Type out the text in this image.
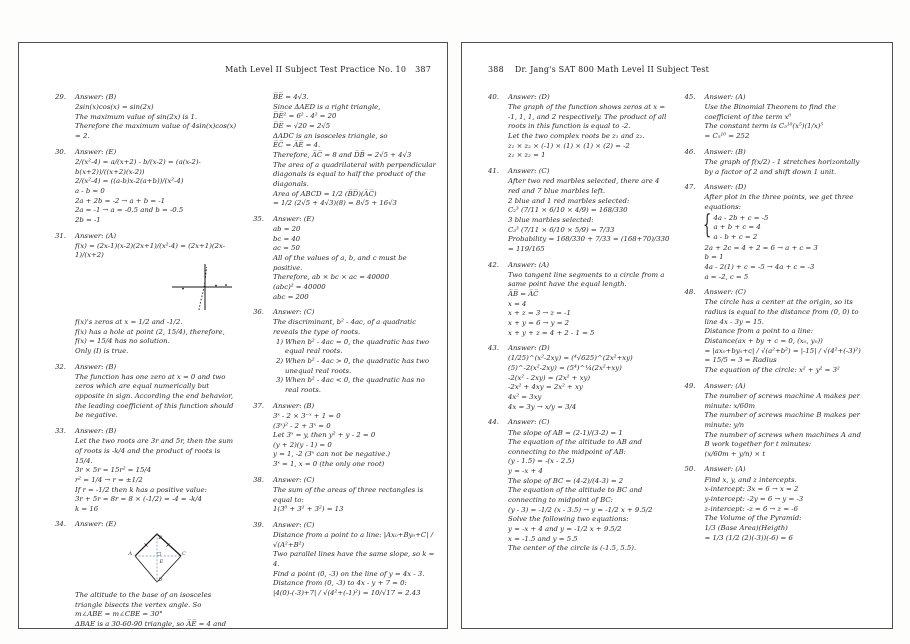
Math Level II Subject Test Practice No. 10 387
29.	Answer: (B)
2sin(x)cos(x) = sin(2x)
The maximum value of sin(2x) is 1.
Therefore the maximum value of 4sin(x)cos(x) = 2.
30.	Answer: (E)
2/(x²-4) = a/(x+2) - b/(x-2) = (a(x-2)-b(x+2))/((x+2)(x-2))
2/(x²-4) = ((a-b)x-2(a+b))/(x²-4)
a - b = 0
2a + 2b = -2 → a + b = -1
2a = -1 → a = -0.5 and b = -0.5
2b = -1
31.	Answer: (A)
f(x) = (2x-1)(x-2)(2x+1)/(x²-4) = (2x+1)(2x-1)/(x+2)
f(x)'s zeros at x = 1/2 and -1/2.
f(x) has a hole at point (2, 15/4), therefore,
f(x) = 15/4 has no solution.
Only (I) is true.
32.	Answer: (B)
The function has one zero at x = 0 and two zeros which are equal numerically but opposite in sign. According the end behavior, the leading coefficient of this function should be negative.
33.	Answer: (B)
Let the two roots are 3r and 5r, then the sum of roots is -k/4 and the product of roots is 15/4.
3r × 5r = 15r² = 15/4
r² = 1/4 → r = ±1/2
If r = -1/2 then k has a positive value:
3r + 5r = 8r = 8 × (-1/2) = -4 = -k/4
k = 16
34.	Answer: (E)
B
C
D
A
E
The altitude to the base of an isosceles triangle bisects the vertex angle. So
m∠ABE = m∠CBE = 30°
ΔBAE is a 30-60-90 triangle, so A̅E̅ = 4 and
B̅E̅ = 4√3.
Since ΔAED is a right triangle,
D̅E̅² = 6² - 4² = 20
D̅E̅ = √20 = 2√5
ΔADC is an isosceles triangle, so
E̅C̅ = A̅E̅ = 4.
Therefore, A̅C̅ = 8 and D̅B̅ = 2√5 + 4√3
The area of a quadrilateral with perpendicular diagonals is equal to half the product of the diagonals.
Area of ABCD = 1/2 (B̅D̅)(A̅C̅)
= 1/2 (2√5 + 4√3)(8) = 8√5 + 16√3
35.	Answer: (E)
ab = 20
bc = 40
ac = 50
All of the values of a, b, and c must be positive.
Therefore, ab × bc × ac = 40000
(abc)² = 40000
abc = 200
36.	Answer: (C)
The discriminant, b² - 4ac, of a quadratic reveals the type of roots.
1) When b² - 4ac = 0, the quadratic has two equal real roots.
2) When b² - 4ac > 0, the quadratic has two unequal real roots.
3) When b² - 4ac < 0, the quadratic has no real roots.
37.	Answer: (B)
3ˣ - 2 × 3⁻ˣ + 1 = 0
(3ˣ)² - 2 + 3ˣ = 0
Let 3ˣ = y, then y² + y - 2 = 0
(y + 2)(y - 1) = 0
y = 1, -2 (3ˣ can not be negative.)
3ˣ = 1, x = 0 (the only one root)
38.	Answer: (C)
The sum of the areas of three rectangles is equal to:
1(3⁰ + 3¹ + 3²) = 13
39.	Answer: (C)
Distance from a point to a line: |Ax₀+By₀+C| / √(A²+B²)
Two parallel lines have the same slope, so k = 4.
Find a point (0, -3) on the line of y = 4x - 3.
Distance from (0, -3) to 4x - y + 7 = 0:
|4(0)-(-3)+7| / √(4²+(-1)²) = 10/√17 = 2.43
388 Dr. Jang's SAT 800 Math Level II Subject Test
40.	Answer: (D)
The graph of the function shows zeros at x = -1, 1, 1, and 2 respectively. The product of all roots in this function is equal to -2.
Let the two complex roots be z₁ and z₂.
z₁ × z₂ × (-1) × (1) × (1) × (2) = -2
z₁ × z₂ = 1
41.	Answer: (C)
After two red marbles selected, there are 4 red and 7 blue marbles left.
2 blue and 1 red marbles selected:
C₂³ (7/11 × 6/10 × 4/9) = 168/330
3 blue marbles selected:
C₃³ (7/11 × 6/10 × 5/9) = 7/33
Probability = 168/330 + 7/33 = (168+70)/330 = 119/165
42.	Answer: (A)
Two tangent line segments to a circle from a same point have the equal length.
A̅B̅ = A̅C̅
x = 4
x + z = 3 → z = -1
x + y = 6 → y = 2
x + y + z = 4 + 2 - 1 = 5
43.	Answer: (D)
(1/25)^(x²-2xy) = (⁴√625)^(2x²+xy)
(5)^-2(x²-2xy) = (5⁴)^¼(2x²+xy)
-2(x² - 2xy) = (2x² + xy)
-2x² + 4xy = 2x² + xy
4x² = 3xy
4x = 3y → x/y = 3/4
44.	Answer: (C)
The slope of AB = (2-1)/(3-2) = 1
The equation of the altitude to AB and connecting to the midpoint of AB:
(y - 1.5) = -(x - 2.5)
y = -x + 4
The slope of BC = (4-2)/(4-3) = 2
The equation of the altitude to BC and connecting to midpoint of BC:
(y - 3) = -1/2 (x - 3.5) → y = -1/2 x + 9.5/2
Solve the following two equations:
y = -x + 4 and y = -1/2 x + 9.5/2
x = -1.5 and y = 5.5
The center of the circle is (-1.5, 5.5).
45.	Answer: (A)
Use the Binomial Theorem to find the coefficient of the term x⁰
The constant term is C₅¹⁰(x⁵)(1/x)⁵
= C₅¹⁰ = 252
46.	Answer: (B)
The graph of f(x/2) - 1 stretches horizontally by a factor of 2 and shift down 1 unit.
47.	Answer: (D)
After plot in the three points, we get three equations:
{ 4a - 2b + c = -5
a + b + c = 4
a - b + c = 2
2a + 2c = 4 + 2 = 6 → a + c = 3
b = 1
4a - 2(1) + c = -5 → 4a + c = -3
a = -2, c = 5
48.	Answer: (C)
The circle has a center at the origin, so its radius is equal to the distance from (0, 0) to line 4x - 3y = 15.
Distance from a point to a line:
Distance(ax + by + c = 0, (x₀, y₀))
= |ax₀+by₀+c| / √(a²+b²) = |-15| / √(4²+(-3)²)
= 15/5 = 3 = Radius
The equation of the circle: x² + y² = 3²
49.	Answer: (A)
The number of screws machine A makes per minute: x/60m
The number of screws machine B makes per minute: y/n
The number of screws when machines A and B work together for t minutes:
(x/60m + y/n) × t
50.	Answer: (A)
Find x, y, and z intercepts.
x-intercept: 3x = 6 → x = 2
y-intercept: -2y = 6 → y = -3
z-intercept: -z = 6 → z = -6
The Volume of the Pyramid:
1/3 (Base Area)(Heigth)
= 1/3 (1/2 (2)(-3))(-6) = 6
